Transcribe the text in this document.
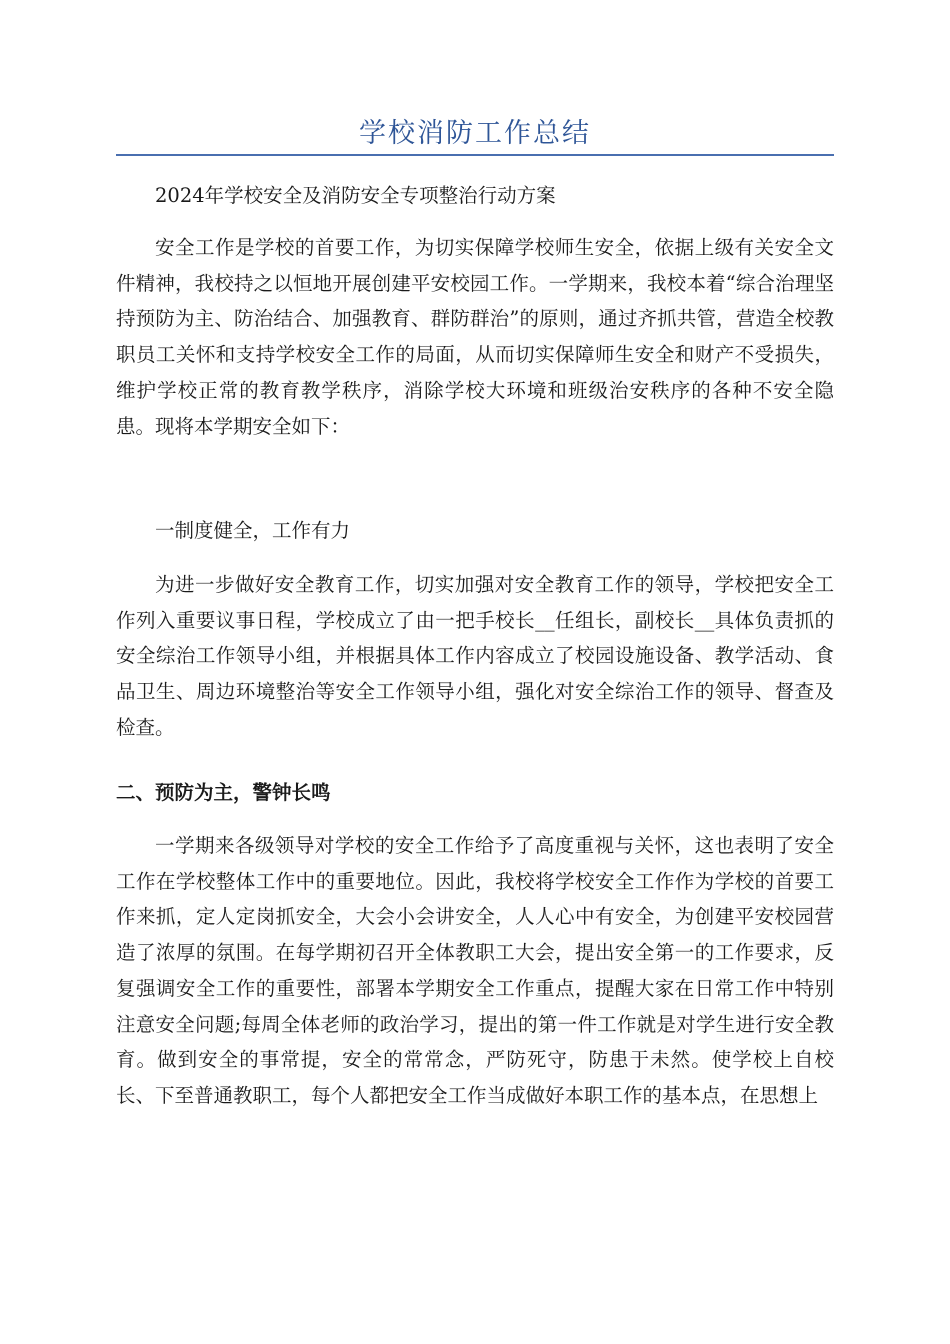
学校消防工作总结

2024年学校安全及消防安全专项整治行动方案

安全工作是学校的首要工作，为切实保障学校师生安全，依据上级有关安全文件精神，我校持之以恒地开展创建平安校园工作。一学期来，我校本着“综合治理坚持预防为主、防治结合、加强教育、群防群治”的原则，通过齐抓共管，营造全校教职员工关怀和支持学校安全工作的局面，从而切实保障师生安全和财产不受损失，维护学校正常的教育教学秩序，消除学校大环境和班级治安秩序的各种不安全隐患。现将本学期安全如下：

一制度健全，工作有力

为进一步做好安全教育工作，切实加强对安全教育工作的领导，学校把安全工作列入重要议事日程，学校成立了由一把手校长__任组长，副校长__具体负责抓的安全综治工作领导小组，并根据具体工作内容成立了校园设施设备、教学活动、食品卫生、周边环境整治等安全工作领导小组，强化对安全综治工作的领导、督查及检查。

二、预防为主，警钟长鸣

一学期来各级领导对学校的安全工作给予了高度重视与关怀，这也表明了安全工作在学校整体工作中的重要地位。因此，我校将学校安全工作作为学校的首要工作来抓，定人定岗抓安全，大会小会讲安全，人人心中有安全，为创建平安校园营造了浓厚的氛围。在每学期初召开全体教职工大会，提出安全第一的工作要求，反复强调安全工作的重要性，部署本学期安全工作重点，提醒大家在日常工作中特别注意安全问题;每周全体老师的政治学习，提出的第一件工作就是对学生进行安全教育。做到安全的事常提，安全的常常念，严防死守，防患于未然。使学校上自校长、下至普通教职工，每个人都把安全工作当成做好本职工作的基本点，在思想上
